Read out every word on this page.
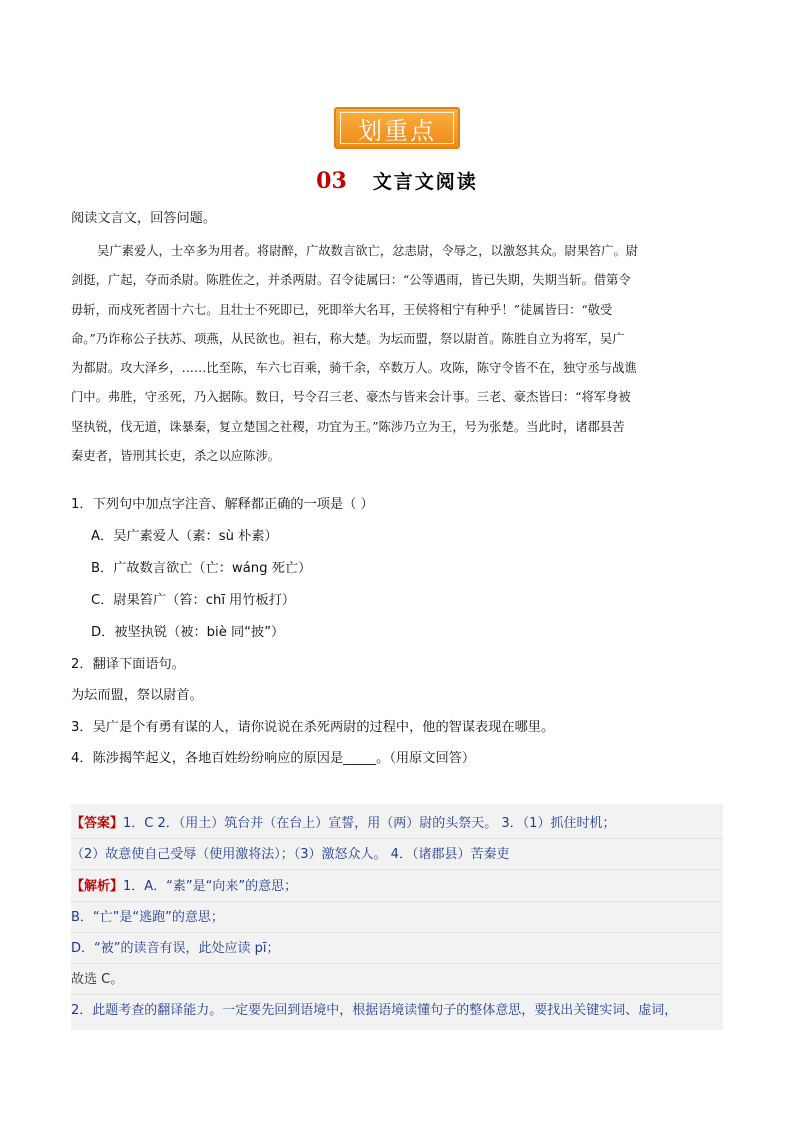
划重点
03 文言文阅读
阅读文言文，回答问题。
吴广素爱人，士卒多为用者。将尉醉，广故数言欲亡，忿恚尉，令辱之，以激怒其众。尉果笞广。尉
剑挺，广起，夺而杀尉。陈胜佐之，并杀两尉。召令徒属曰：“公等遇雨，皆已失期，失期当斩。借第令
毋斩，而戍死者固十六七。且壮士不死即已，死即举大名耳，王侯将相宁有种乎！”徒属皆曰：“敬受
命。”乃诈称公子扶苏、项燕，从民欲也。袒右，称大楚。为坛而盟，祭以尉首。陈胜自立为将军，吴广
为都尉。攻大泽乡，……比至陈，车六七百乘，骑千余，卒数万人。攻陈，陈守令皆不在，独守丞与战谯
门中。弗胜，守丞死，乃入据陈。数日，号令召三老、豪杰与皆来会计事。三老、豪杰皆曰：“将军身被
坚执锐，伐无道，诛暴秦，复立楚国之社稷，功宜为王。”陈涉乃立为王，号为张楚。当此时，诸郡县苦
秦吏者，皆刑其长吏，杀之以应陈涉。
1．下列句中加点字注音、解释都正确的一项是（ ）
A．吴广素爱人（素：sù 朴素）
B．广故数言欲亡（亡：wáng 死亡）
C．尉果笞广（笞：chī 用竹板打）
D．被坚执锐（被：biè 同“披”）
2．翻译下面语句。
为坛而盟，祭以尉首。
3．吴广是个有勇有谋的人，请你说说在杀死两尉的过程中，他的智谋表现在哪里。
4．陈涉揭竿起义，各地百姓纷纷响应的原因是_____。（用原文回答）
【答案】1．C 2．（用土）筑台并（在台上）宣誓，用（两）尉的头祭天。 3．（1）抓住时机；
（2）故意使自己受辱（使用激将法）；（3）激怒众人。 4．（诸郡县）苦秦吏
【解析】1．A．“素”是“向来”的意思；
B．“亡”是“逃跑”的意思；
D．“被”的读音有误，此处应读 pī；
故选 C。
2．此题考查的翻译能力。一定要先回到语境中，根据语境读懂句子的整体意思，要找出关键实词、虚词，
